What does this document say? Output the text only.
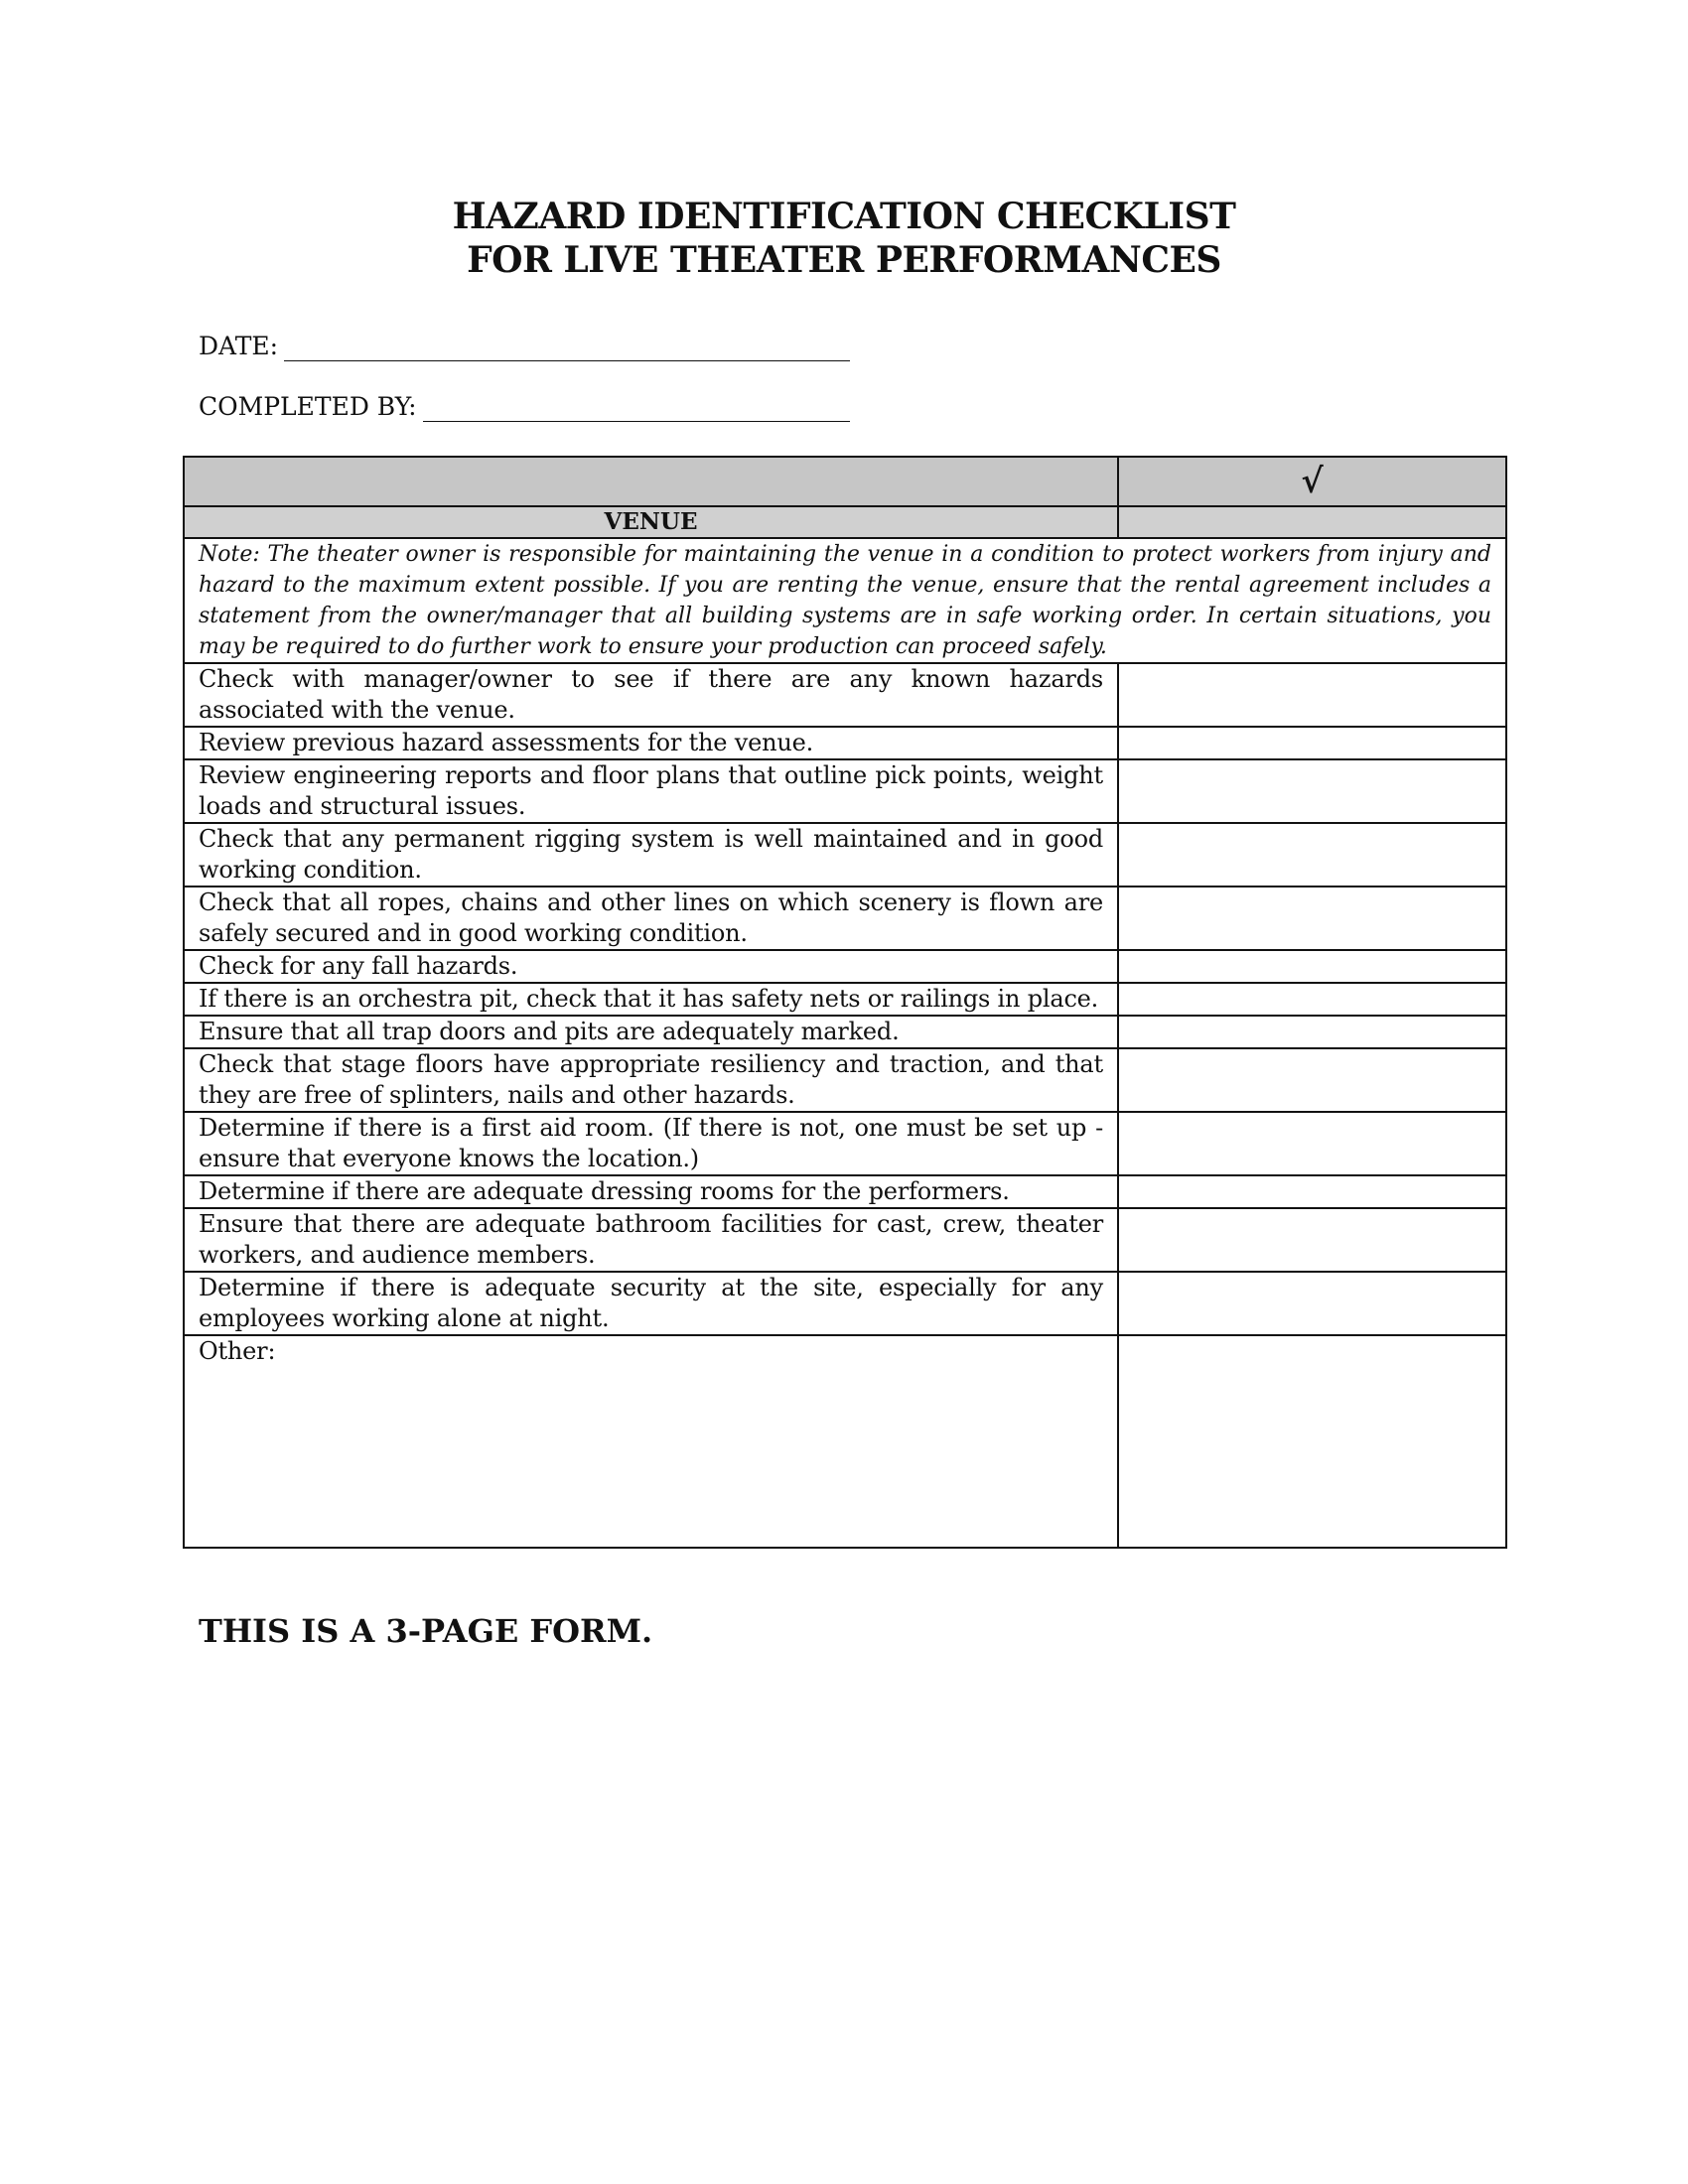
HAZARD IDENTIFICATION CHECKLIST
FOR LIVE THEATER PERFORMANCES
DATE:
COMPLETED BY:
	√
VENUE	
Note: The theater owner is responsible for maintaining the venue in a condition to protect workers from injury and hazard to the maximum extent possible. If you are renting the venue, ensure that the rental agreement includes a statement from the owner/manager that all building systems are in safe working order. In certain situations, you may be required to do further work to ensure your production can proceed safely.	
Check with manager/owner to see if there are any known hazards associated with the venue.	
Review previous hazard assessments for the venue.	
Review engineering reports and floor plans that outline pick points, weight loads and structural issues.	
Check that any permanent rigging system is well maintained and in good working condition.	
Check that all ropes, chains and other lines on which scenery is flown are safely secured and in good working condition.	
Check for any fall hazards.	
If there is an orchestra pit, check that it has safety nets or railings in place.	
Ensure that all trap doors and pits are adequately marked.	
Check that stage floors have appropriate resiliency and traction, and that they are free of splinters, nails and other hazards.	
Determine if there is a first aid room. (If there is not, one must be set up - ensure that everyone knows the location.)	
Determine if there are adequate dressing rooms for the performers.	
Ensure that there are adequate bathroom facilities for cast, crew, theater workers, and audience members.	
Determine if there is adequate security at the site, especially for any employees working alone at night.	
Other:	
THIS IS A 3-PAGE FORM.
